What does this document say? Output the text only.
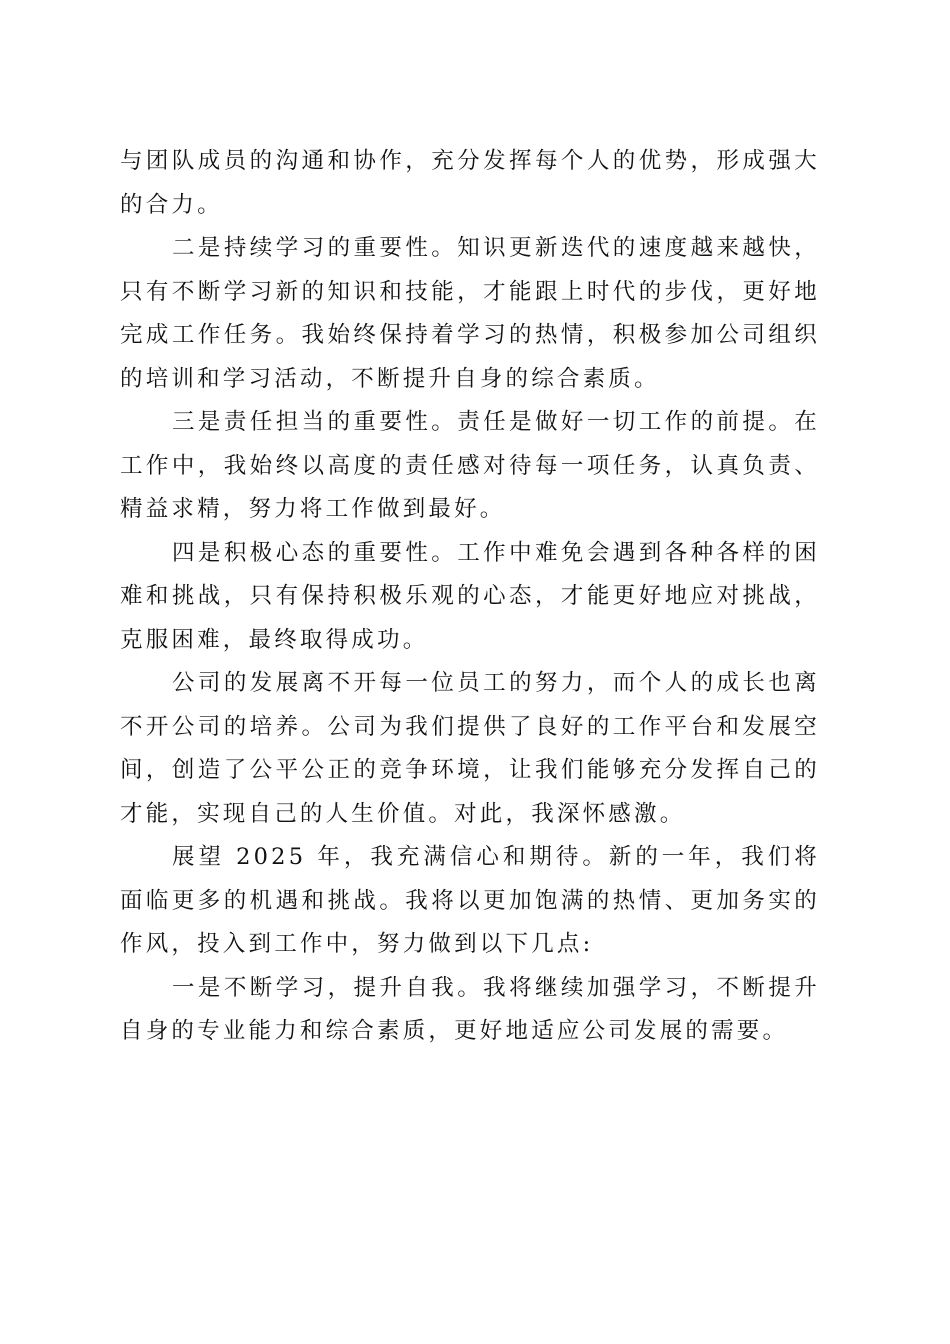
与团队成员的沟通和协作，充分发挥每个人的优势，形成强大的合力。

二是持续学习的重要性。知识更新迭代的速度越来越快，只有不断学习新的知识和技能，才能跟上时代的步伐，更好地完成工作任务。我始终保持着学习的热情，积极参加公司组织的培训和学习活动，不断提升自身的综合素质。

三是责任担当的重要性。责任是做好一切工作的前提。在工作中，我始终以高度的责任感对待每一项任务，认真负责、精益求精，努力将工作做到最好。

四是积极心态的重要性。工作中难免会遇到各种各样的困难和挑战，只有保持积极乐观的心态，才能更好地应对挑战，克服困难，最终取得成功。

公司的发展离不开每一位员工的努力，而个人的成长也离不开公司的培养。公司为我们提供了良好的工作平台和发展空间，创造了公平公正的竞争环境，让我们能够充分发挥自己的才能，实现自己的人生价值。对此，我深怀感激。

展望 2025 年，我充满信心和期待。新的一年，我们将面临更多的机遇和挑战。我将以更加饱满的热情、更加务实的作风，投入到工作中，努力做到以下几点:

一是不断学习，提升自我。我将继续加强学习，不断提升自身的专业能力和综合素质，更好地适应公司发展的需要。
